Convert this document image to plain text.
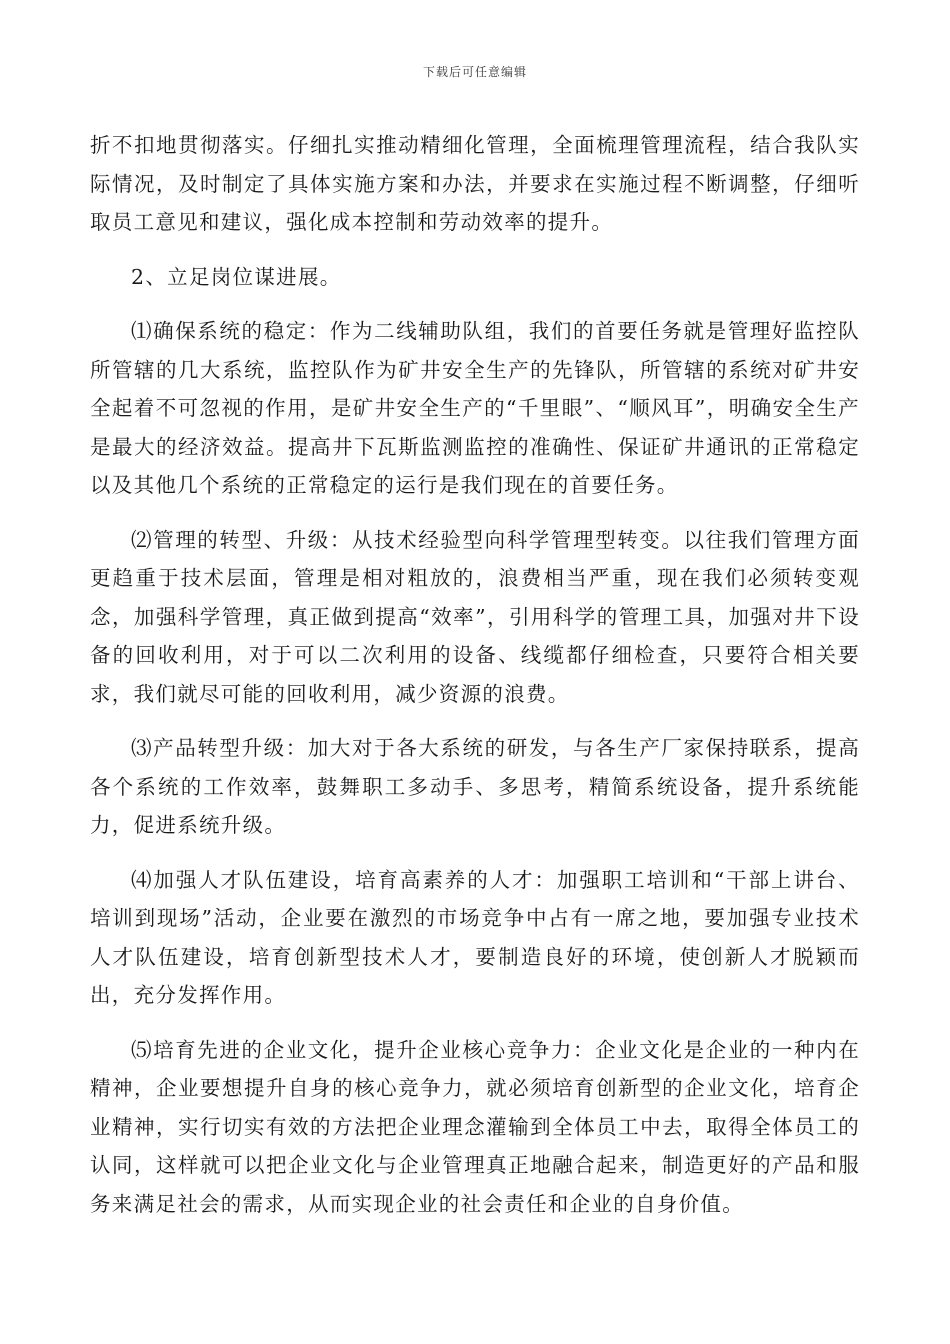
下载后可任意编辑

折不扣地贯彻落实。仔细扎实推动精细化管理，全面梳理管理流程，结合我队实际情况，及时制定了具体实施方案和办法，并要求在实施过程不断调整，仔细听取员工意见和建议，强化成本控制和劳动效率的提升。

2、立足岗位谋进展。

⑴确保系统的稳定：作为二线辅助队组，我们的首要任务就是管理好监控队所管辖的几大系统，监控队作为矿井安全生产的先锋队，所管辖的系统对矿井安全起着不可忽视的作用，是矿井安全生产的“千里眼”、“顺风耳”，明确安全生产是最大的经济效益。提高井下瓦斯监测监控的准确性、保证矿井通讯的正常稳定以及其他几个系统的正常稳定的运行是我们现在的首要任务。

⑵管理的转型、升级：从技术经验型向科学管理型转变。以往我们管理方面更趋重于技术层面，管理是相对粗放的，浪费相当严重，现在我们必须转变观念，加强科学管理，真正做到提高“效率”，引用科学的管理工具，加强对井下设备的回收利用，对于可以二次利用的设备、线缆都仔细检查，只要符合相关要求，我们就尽可能的回收利用，减少资源的浪费。

⑶产品转型升级：加大对于各大系统的研发，与各生产厂家保持联系，提高各个系统的工作效率，鼓舞职工多动手、多思考，精简系统设备，提升系统能力，促进系统升级。

⑷加强人才队伍建设，培育高素养的人才：加强职工培训和“干部上讲台、培训到现场”活动，企业要在激烈的市场竞争中占有一席之地，要加强专业技术人才队伍建设，培育创新型技术人才，要制造良好的环境，使创新人才脱颖而出，充分发挥作用。

⑸培育先进的企业文化，提升企业核心竞争力：企业文化是企业的一种内在精神，企业要想提升自身的核心竞争力，就必须培育创新型的企业文化，培育企业精神，实行切实有效的方法把企业理念灌输到全体员工中去，取得全体员工的认同，这样就可以把企业文化与企业管理真正地融合起来，制造更好的产品和服务来满足社会的需求，从而实现企业的社会责任和企业的自身价值。
